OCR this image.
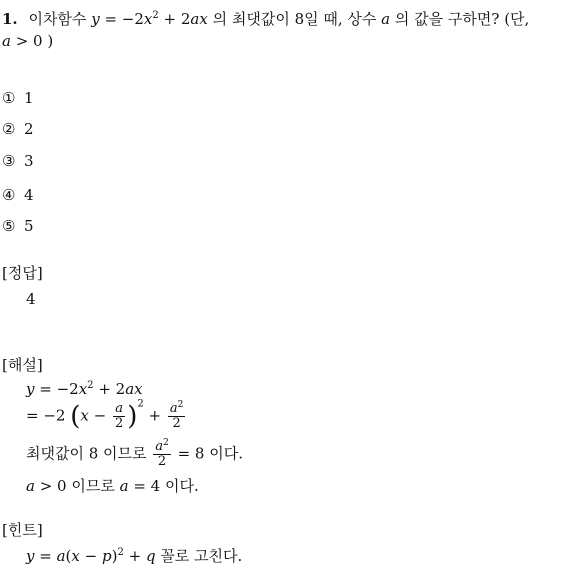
1. 이차함수 $y = -2x^2 + 2ax$ 의 최댓값이 8일 때, 상수 a 의 값을 구하면? (단,
a > 0 )
① 1
② 2
③ 3
④ 4
⑤ 5
[정답]
4
[해설]
$y = -2x^2 + 2ax$
= −2 $(x - \frac{a}{2} )^2 + \frac{a^2}{2}$
최댓값이 8 이므로 $\frac{a^2}{2} = 8$ 이다.
a > 0 이므로 a = 4 이다.
[힌트]
$y = a(x - p)^2 + q$ 꼴로 고친다.
